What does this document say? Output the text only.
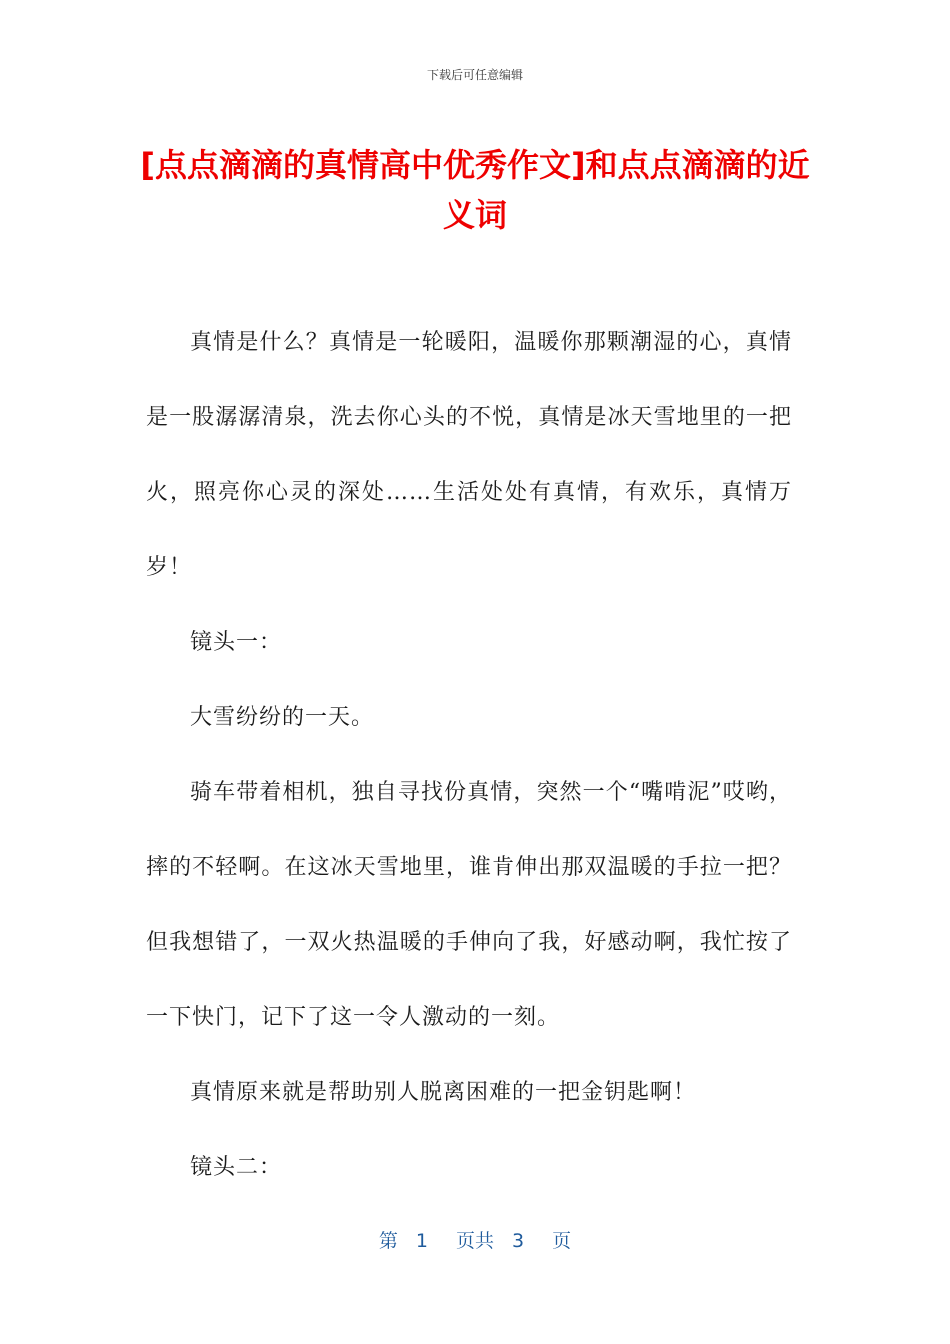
下载后可任意编辑
[点点滴滴的真情高中优秀作文]和点点滴滴的近义词

真情是什么？真情是一轮暖阳，温暖你那颗潮湿的心，真情是一股潺潺清泉，洗去你心头的不悦，真情是冰天雪地里的一把火，照亮你心灵的深处……生活处处有真情，有欢乐，真情万岁！

镜头一：

大雪纷纷的一天。

骑车带着相机，独自寻找份真情，突然一个“嘴啃泥”哎哟，摔的不轻啊。在这冰天雪地里，谁肯伸出那双温暖的手拉一把？但我想错了，一双火热温暖的手伸向了我，好感动啊，我忙按了一下快门，记下了这一令人激动的一刻。

真情原来就是帮助别人脱离困难的一把金钥匙啊！

镜头二：

第 1 页共 3 页
